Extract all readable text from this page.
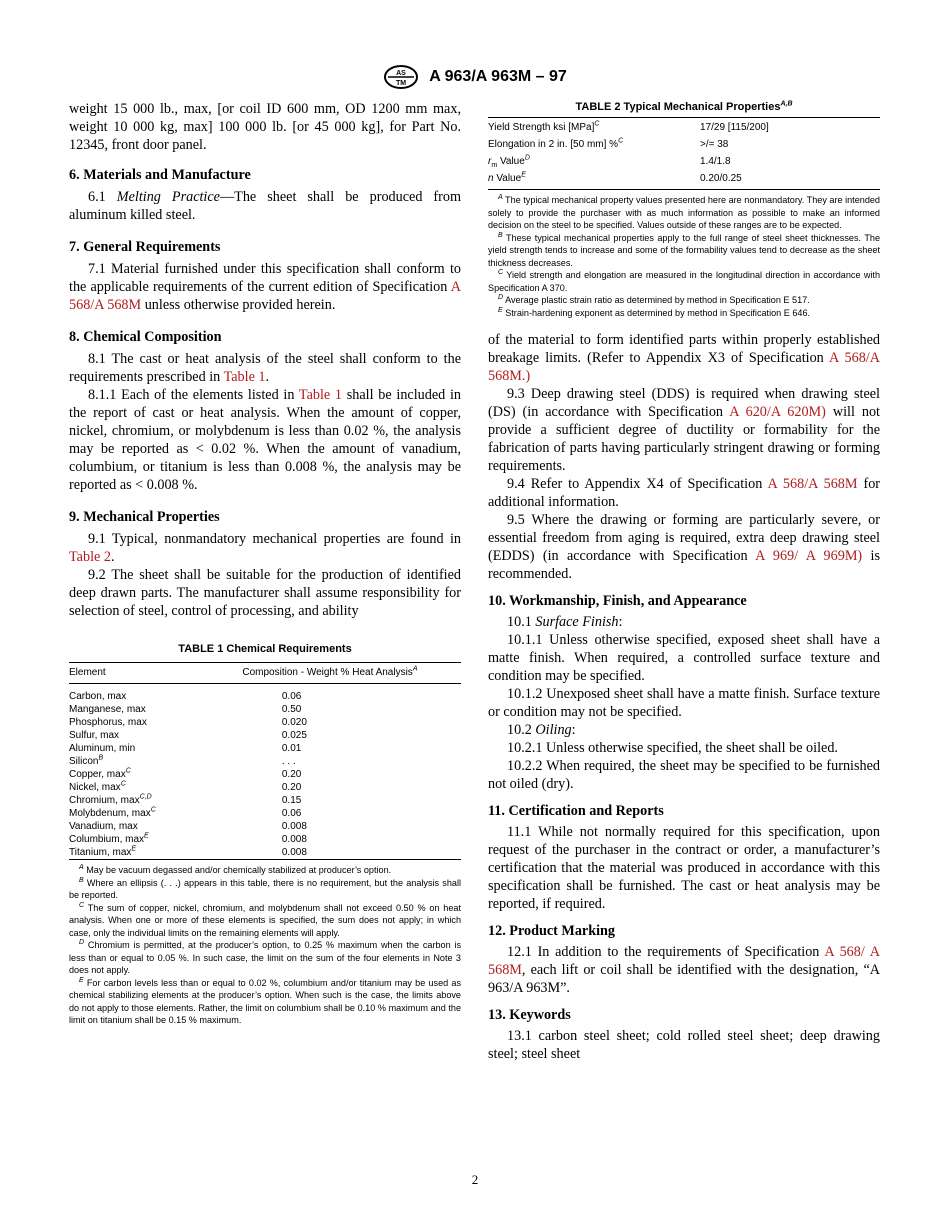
AS
TM A 963/A 963M – 97

weight 15 000 lb., max, [or coil ID 600 mm, OD 1200 mm max, weight 10 000 kg, max] 100 000 lb. [or 45 000 kg], for Part No. 12345, front door panel.

6. Materials and Manufacture

6.1 Melting Practice—The sheet shall be produced from aluminum killed steel.

7. General Requirements

7.1 Material furnished under this specification shall conform to the applicable requirements of the current edition of Specification A 568/A 568M unless otherwise provided herein.

8. Chemical Composition

8.1 The cast or heat analysis of the steel shall conform to the requirements prescribed in Table 1.

8.1.1 Each of the elements listed in Table 1 shall be included in the report of cast or heat analysis. When the amount of copper, nickel, chromium, or molybdenum is less than 0.02 %, the analysis may be reported as < 0.02 %. When the amount of vanadium, columbium, or titanium is less than 0.008 %, the analysis may be reported as < 0.008 %.

9. Mechanical Properties

9.1 Typical, nonmandatory mechanical properties are found in Table 2.

9.2 The sheet shall be suitable for the production of identified deep drawn parts. The manufacturer shall assume responsibility for selection of steel, control of processing, and ability

TABLE 1 Chemical Requirements
Element	Composition - Weight % Heat Analysis$^A$
Carbon, max	0.06
Manganese, max	0.50
Phosphorus, max	0.020
Sulfur, max	0.025
Aluminum, min	0.01
Silicon$^B$	. . .
Copper, $\max^C$	0.20
Nickel, $\max^C$	0.20
Chromium, $\max^{C,D}$	0.15
Molybdenum, $\max^C$	0.06
Vanadium, max	0.008
Columbium, $\max^E$	0.008
Titanium, $\max^E$	0.008

$^A$ May be vacuum degassed and/or chemically stabilized at producer’s option.

$^B$ Where an ellipsis (. . .) appears in this table, there is no requirement, but the analysis shall be reported.

$^C$ The sum of copper, nickel, chromium, and molybdenum shall not exceed 0.50 % on heat analysis. When one or more of these elements is specified, the sum does not apply; in which case, only the individual limits on the remaining elements will apply.

$^D$ Chromium is permitted, at the producer’s option, to 0.25 % maximum when the carbon is less than or equal to 0.05 %. In such case, the limit on the sum of the four elements in Note 3 does not apply.

$^E$ For carbon levels less than or equal to 0.02 %, columbium and/or titanium may be used as chemical stabilizing elements at the producer’s option. When such is the case, the limits above do not apply to those elements. Rather, the limit on columbium shall be 0.10 % maximum and the limit on titanium shall be 0.15 % maximum.

TABLE 2 Typical Mechanical Properties$^{A,B}$
Yield Strength ksi [MPa]$^C$	17/29 [115/200]
Elongation in 2 in. [50 mm] %$^C$	>/= 38
$r_m$ Value$^D$	1.4/1.8
n Value$^E$	0.20/0.25

$^A$ The typical mechanical property values presented here are nonmandatory. They are intended solely to provide the purchaser with as much information as possible to make an informed decision on the steel to be specified. Values outside of these ranges are to be expected.

$^B$ These typical mechanical properties apply to the full range of steel sheet thicknesses. The yield strength tends to increase and some of the formability values tend to decrease as the sheet thickness decreases.

$^C$ Yield strength and elongation are measured in the longitudinal direction in accordance with Specification A 370.

$^D$ Average plastic strain ratio as determined by method in Specification E 517.

$^E$ Strain-hardening exponent as determined by method in Specification E 646.

of the material to form identified parts within properly established breakage limits. (Refer to Appendix X3 of Specification A 568/A 568M.)

9.3 Deep drawing steel (DDS) is required when drawing steel (DS) (in accordance with Specification A 620/A 620M) will not provide a sufficient degree of ductility or formability for the fabrication of parts having particularly stringent drawing or forming requirements.

9.4 Refer to Appendix X4 of Specification A 568/A 568M for additional information.

9.5 Where the drawing or forming are particularly severe, or essential freedom from aging is required, extra deep drawing steel (EDDS) (in accordance with Specification A 969/ A 969M) is recommended.

10. Workmanship, Finish, and Appearance

10.1 Surface Finish:

10.1.1 Unless otherwise specified, exposed sheet shall have a matte finish. When required, a controlled surface texture and condition may be specified.

10.1.2 Unexposed sheet shall have a matte finish. Surface texture or condition may not be specified.

10.2 Oiling:

10.2.1 Unless otherwise specified, the sheet shall be oiled.

10.2.2 When required, the sheet may be specified to be furnished not oiled (dry).

11. Certification and Reports

11.1 While not normally required for this specification, upon request of the purchaser in the contract or order, a manufacturer’s certification that the material was produced in accordance with this specification shall be furnished. The cast or heat analysis may be reported, if required.

12. Product Marking

12.1 In addition to the requirements of Specification A 568/ A 568M, each lift or coil shall be identified with the designation, “A 963/A 963M”.

13. Keywords

13.1 carbon steel sheet; cold rolled steel sheet; deep drawing steel; steel sheet

2
